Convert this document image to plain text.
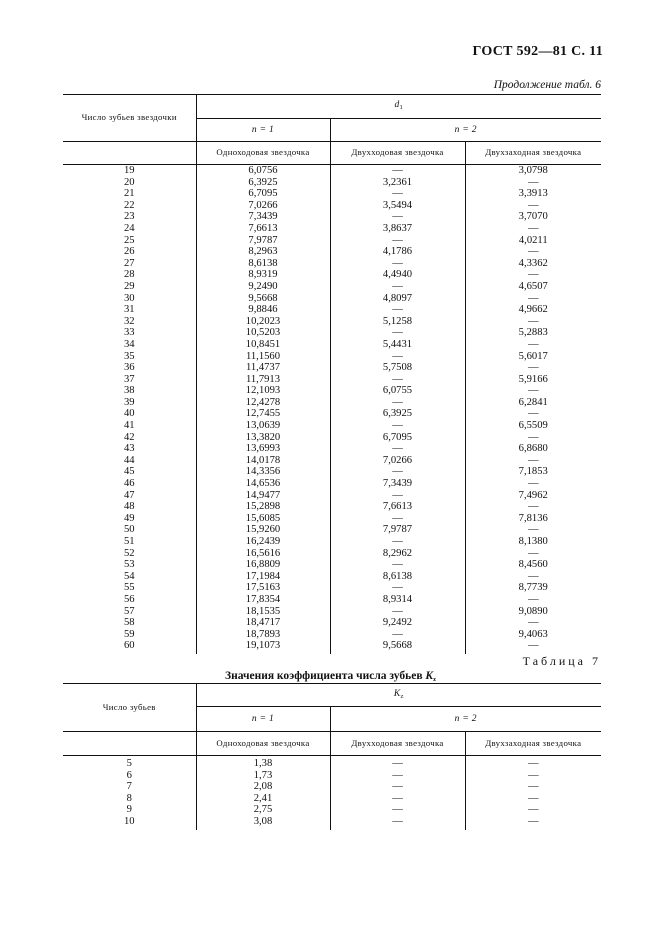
ГОСТ 592—81 С. 11
Продолжение табл. 6
Число зубьев звездочки	$d_1$
	n = 1	n = 2	
	Одноходовая звездочка	Двухходовая звездочка	Двухзаходная звездочка
19	6,0756	—	3,0798
20	6,3925	3,2361	—
21	6,7095	—	3,3913
22	7,0266	3,5494	—
23	7,3439	—	3,7070
24	7,6613	3,8637	—
25	7,9787	—	4,0211
26	8,2963	4,1786	—
27	8,6138	—	4,3362
28	8,9319	4,4940	—
29	9,2490	—	4,6507
30	9,5668	4,8097	—
31	9,8846	—	4,9662
32	10,2023	5,1258	—
33	10,5203	—	5,2883
34	10,8451	5,4431	—
35	11,1560	—	5,6017
36	11,4737	5,7508	—
37	11,7913	—	5,9166
38	12,1093	6,0755	—
39	12,4278	—	6,2841
40	12,7455	6,3925	—
41	13,0639	—	6,5509
42	13,3820	6,7095	—
43	13,6993	—	6,8680
44	14,0178	7,0266	—
45	14,3356	—	7,1853
46	14,6536	7,3439	—
47	14,9477	—	7,4962
48	15,2898	7,6613	—
49	15,6085	—	7,8136
50	15,9260	7,9787	—
51	16,2439	—	8,1380
52	16,5616	8,2962	—
53	16,8809	—	8,4560
54	17,1984	8,6138	—
55	17,5163	—	8,7739
56	17,8354	8,9314	—
57	18,1535	—	9,0890
58	18,4717	9,2492	—
59	18,7893	—	9,4063
60	19,1073	9,5668	—
Таблица 7
Значения коэффициента числа зубьев $K_z$
Число зубьев	$K_z$
	n = 1	n = 2	
	Одноходовая звездочка	Двухходовая звездочка	Двухзаходная звездочка
5	1,38	—	—
6	1,73	—	—
7	2,08	—	—
8	2,41	—	—
9	2,75	—	—
10	3,08	—	—
